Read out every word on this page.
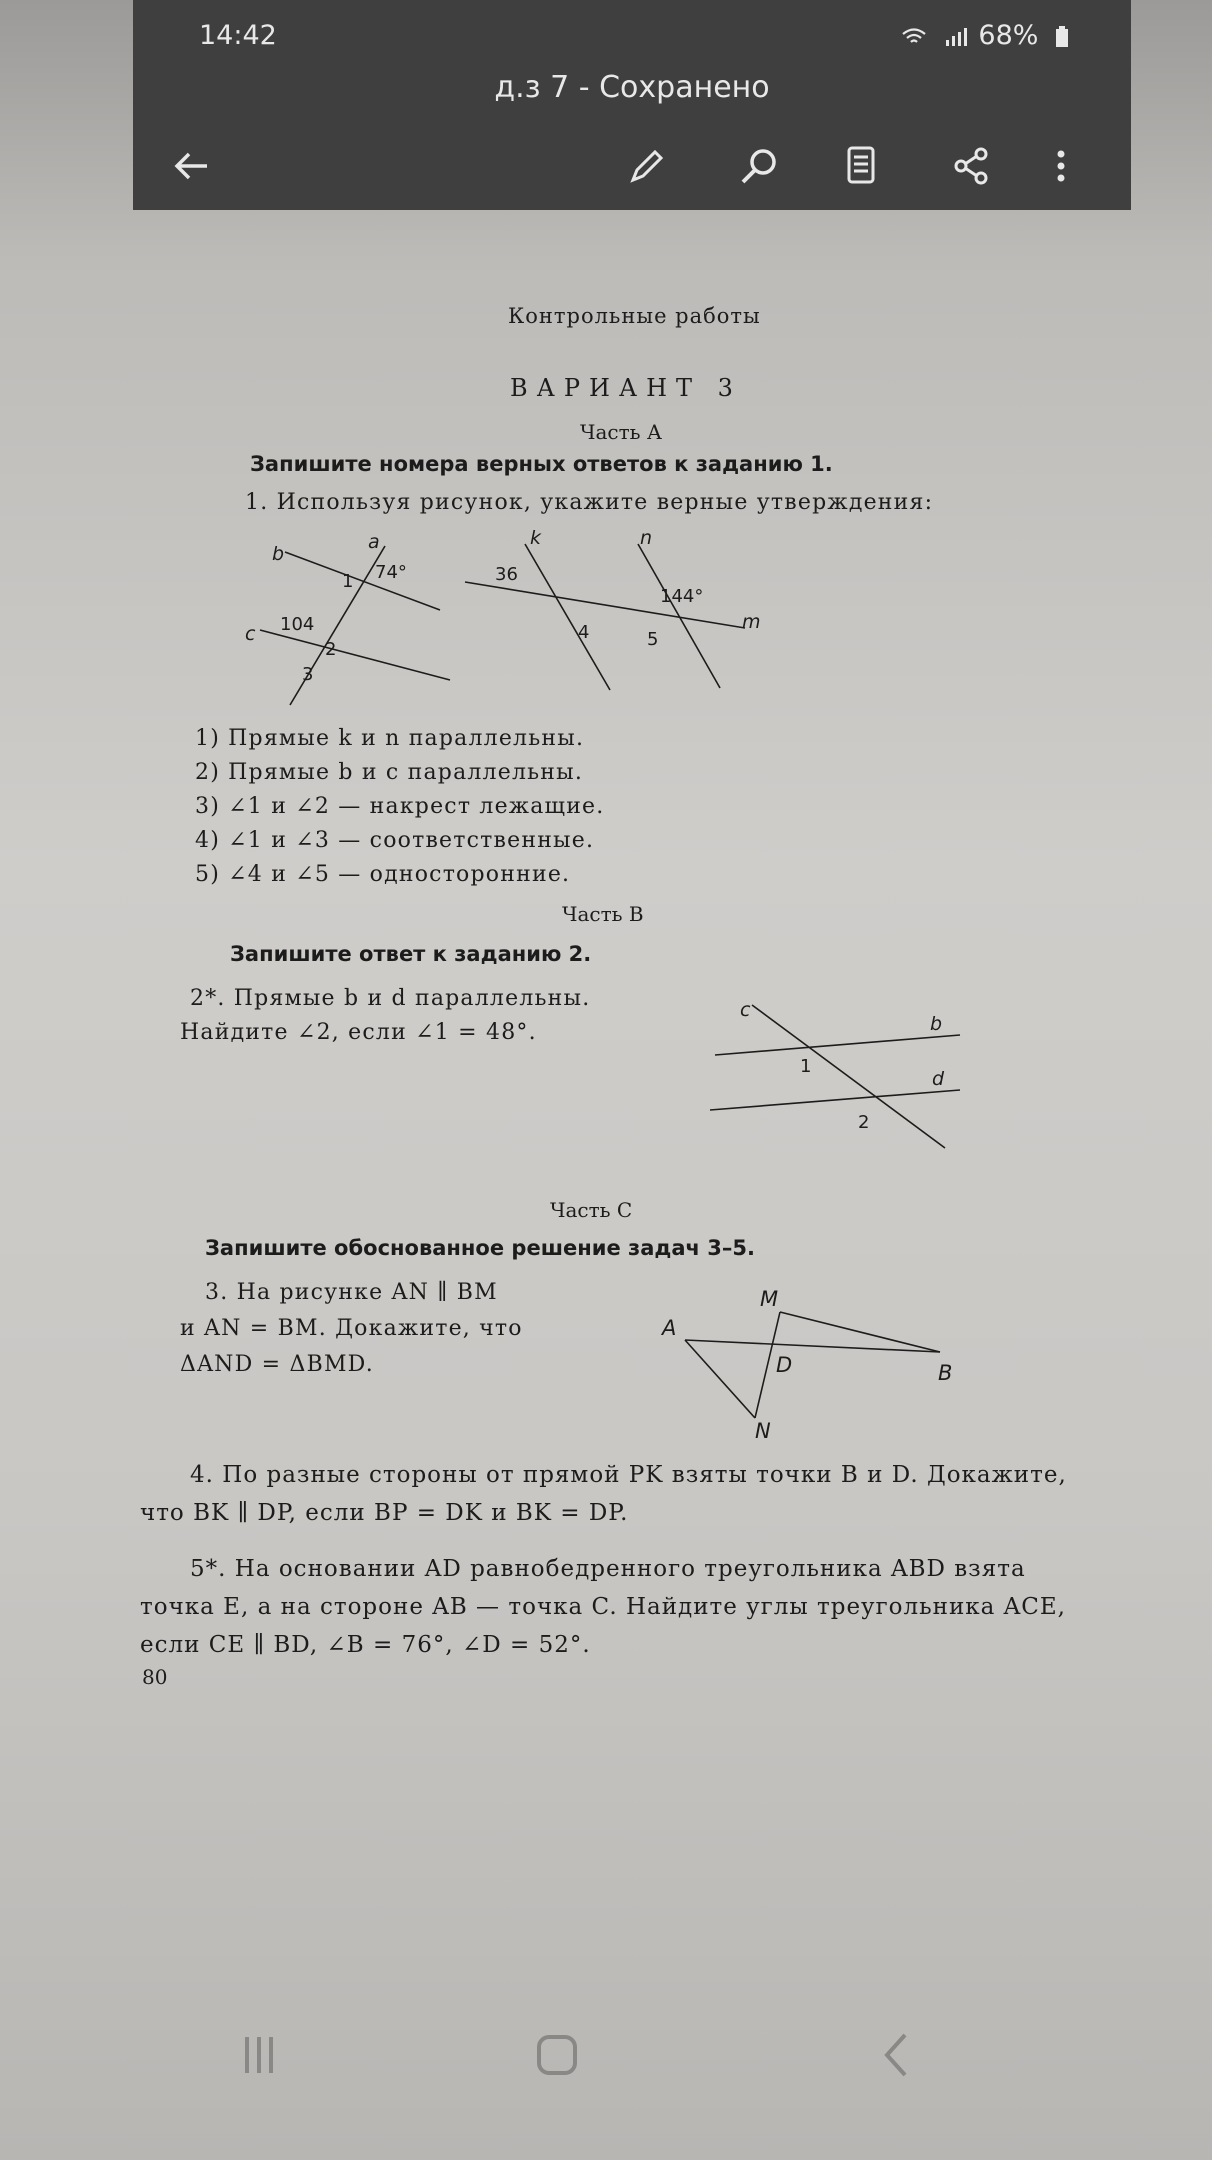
14:42	68%
д.з 7 - Сохранено
Контрольные работы
ВАРИАНТ 3
Часть А
Запишите номера верных ответов к заданию 1.
1. Используя рисунок, укажите верные утверждения:
b
a
74°
1
c 104
2
3
k
36
n
144°
4	5
m
1) Прямые k и n параллельны.
2) Прямые b и c параллельны.
3) ∠1 и ∠2 — накрест лежащие.
4) ∠1 и ∠3 — соответственные.
5) ∠4 и ∠5 — односторонние.
Часть В
Запишите ответ к заданию 2.
2*. Прямые b и d параллельны.
Найдите ∠2, если ∠1 = 48°.
c
b
d
1
2
Часть С
Запишите обоснованное решение задач 3–5.
3. На рисунке AN ∥ BM
и AN = BM. Докажите, что
ΔAND = ΔBMD.
M
A
D	B
N
4. По разные стороны от прямой PK взяты точки B и D. Докажите, что BK ∥ DP, если BP = DK и BK = DP.
5*. На основании AD равнобедренного треугольника ABD взята точка E, а на стороне AB — точка C. Найдите углы треугольника ACE, если CE ∥ BD, ∠B = 76°, ∠D = 52°.
80
